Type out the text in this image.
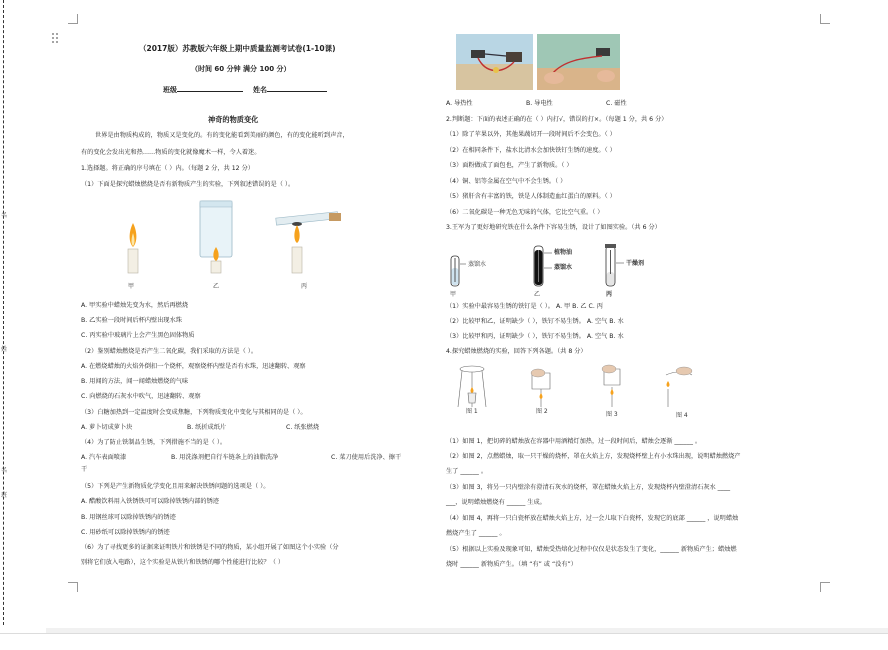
名
姓
名
班
（2017版）苏教版六年级上期中质量监测考试卷(1-10课)
（时间 60 分钟 满分 100 分）
班级	姓名
神奇的物质变化
世界是由物质构成的，物质又是变化的。有的变化能看到美丽的颜色，有的变化能听到声音，
有的变化会发出光和热……物质的变化就像魔术一样，令人着迷。
1.选择题。将正确的序号填在（ ）内。（每题 2 分，共 12 分）
（1）下面是探究蜡烛燃烧是否有新物质产生的实验，下列叙述错误的是（ ）。
甲	乙	丙
A. 甲实验中蜡烛先变为水，然后再燃烧
B. 乙实验一段时间后杯内壁出现水珠
C. 丙实验中玻璃片上会产生黑色固体物质
（2）鉴别蜡烛燃烧是否产生二氧化碳，我们采取的方法是（ ）。
A. 在燃烧蜡烛的火焰外倒扣一个烧杯，观察烧杯内壁是否有水珠，迅速翻转、观察
B. 用闻的方法，闻一闻蜡烛燃烧的气味
C. 向燃烧的石灰水中吹气，迅速翻转、观察
（3）白糖加热到一定温度时会变成焦糖，下列物质变化中变化与其相同的是（ ）。
A. 萝卜切成萝卜块	B. 纸折成纸片	C. 纸张燃烧
（4）为了防止铁制品生锈，下列措施不当的是（ ）。
A. 汽车表面喷漆	B. 用洗涤剂把自行车链条上的油脂洗净	C. 菜刀使用后洗净、擦干
干
（5）下列是产生新物质化学变化且用来解决铁锈问题的选项是（ ）。
A. 醋酸饮料用入铁锈铁可可以除掉铁锈内部的锈迹
B. 用钢丝球可以除掉铁锈内的锈迹
C. 用砂纸可以除掉铁锈内的锈迹
（6）为了寻找更多的证据来证明铁片和铁锈是不同的物质，某小组开展了如图这个小实验（分
别将它们放入电路），这个实验是从铁片和铁锈的哪个性能进行比较？（ ）
A. 导热性	B. 导电性	C. 磁性
2.判断题：下面的表述正确的在（ ）内打√，错误的打×。（每题 1 分，共 6 分）
（1）除了苹果以外，其他果蔬切开一段时间后不会变色。（ ）
（2）在相同条件下，盐水比清水会加快铁钉生锈的速度。（ ）
（3）面粉做成了面包也，产生了新物质。（ ）
（4）铜、铝等金属在空气中不会生锈。（ ）
（5）猪肝含有丰富的铁，铁是人体制造血红蛋白的原料。（ ）
（6）二氧化碳是一种无色无味的气体，它比空气重。（ ）
3.王军为了更好地研究铁在什么条件下容易生锈，设计了如图实验。（共 6 分）
蒸馏水
植物油
蒸馏水
干燥剂
甲	乙	丙
（1）实验中最容易生锈的铁钉是（ ）。 A. 甲 B. 乙 C. 丙
（2）比较甲和乙，证明缺少（ ），铁钉不易生锈。 A. 空气 B. 水
（3）比较甲和丙，证明缺少（ ），铁钉不易生锈。 A. 空气 B. 水
4.探究蜡烛燃烧的实验，回答下列各题。（共 8 分）
图 1	图 2	图 3	图 4
（1）如图 1，把切碎的蜡烛放在容器中用酒精灯加热，过一段时间后，蜡烛会逐渐 ______ 。
（2）如图 2，点燃蜡烛，取一只干燥的烧杯，罩在火焰上方，发现烧杯壁上有小水珠出现，说明蜡烛燃烧产
生了 ______ 。
（3）如图 3，将另一只内壁涂有澄清石灰水的烧杯，罩在蜡烛火焰上方，发现烧杯内壁澄清石灰水 ____
___，说明蜡烛燃烧有 ______ 生成。
（4）如图 4，再将一只白瓷杯放在蜡烛火焰上方，过一会儿取下白瓷杯，发现它的底部 ______ ，说明蜡烛
燃烧产生了 ______ 。
（5）根据以上实验及现象可知，蜡烛受热熔化过程中仅仅是状态发生了变化，______ 新物质产生；蜡烛燃
烧时 ______ 新物质产生。（填 “有” 或 “没有”）
